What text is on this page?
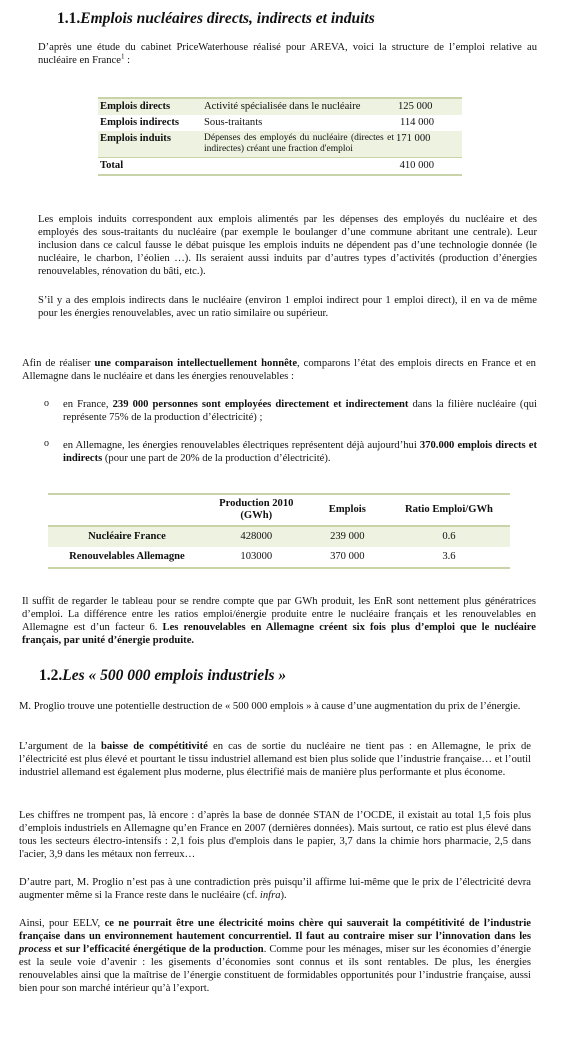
1.1.Emplois nucléaires directs, indirects et induits

D’après une étude du cabinet PriceWaterhouse réalisé pour AREVA, voici la structure de l’emploi relative au nucléaire en France$^1$ :

Emplois directs	Activité spécialisée dans le nucléaire	125 000
Emplois indirects	Sous-traitants	114 000
Emplois induits	Dépenses des employés du nucléaire (directes et indirectes) créant une fraction d'emploi	171 000
Total		410 000

Les emplois induits correspondent aux emplois alimentés par les dépenses des employés du nucléaire et des employés des sous-traitants du nucléaire (par exemple le boulanger d’une commune abritant une centrale). Leur inclusion dans ce calcul fausse le débat puisque les emplois induits ne dépendent pas d’une technologie donnée (le nucléaire, le charbon, l’éolien …). Ils seraient aussi induits par d’autres types d’activités (production d’énergies renouvelables, rénovation du bâti, etc.).

S’il y a des emplois indirects dans le nucléaire (environ 1 emploi indirect pour 1 emploi direct), il en va de même pour les énergies renouvelables, avec un ratio similaire ou supérieur.

Afin de réaliser une comparaison intellectuellement honnête, comparons l’état des emplois directs en France et en Allemagne dans le nucléaire et dans les énergies renouvelables :

o en France, 239 000 personnes sont employées directement et indirectement dans la filière nucléaire (qui représente 75% de la production d’électricité) ;

o en Allemagne, les énergies renouvelables électriques représentent déjà aujourd’hui 370.000 emplois directs et indirects (pour une part de 20% de la production d’électricité).

	Production 2010 (GWh)	Emplois	Ratio Emploi/GWh
Nucléaire France	428000	239 000	0.6
Renouvelables Allemagne	103000	370 000	3.6

Il suffit de regarder le tableau pour se rendre compte que par GWh produit, les EnR sont nettement plus génératrices d’emploi. La différence entre les ratios emploi/énergie produite entre le nucléaire français et les renouvelables en Allemagne est d’un facteur 6. Les renouvelables en Allemagne créent six fois plus d’emploi que le nucléaire français, par unité d’énergie produite.

1.2.Les « 500 000 emplois industriels »

M. Proglio trouve une potentielle destruction de « 500 000 emplois » à cause d’une augmentation du prix de l’énergie.

L’argument de la baisse de compétitivité en cas de sortie du nucléaire ne tient pas : en Allemagne, le prix de l’électricité est plus élevé et pourtant le tissu industriel allemand est bien plus solide que l’industrie française… et l’outil industriel allemand est également plus moderne, plus électrifié mais de manière plus performante et plus économe.

Les chiffres ne trompent pas, là encore : d’après la base de donnée STAN de l’OCDE, il existait au total 1,5 fois plus d’emplois industriels en Allemagne qu’en France en 2007 (dernières données). Mais surtout, ce ratio est plus élevé dans tous les secteurs électro-intensifs : 2,1 fois plus d'emplois dans le papier, 3,7 dans la chimie hors pharmacie, 2,5 dans l'acier, 3,9 dans les métaux non ferreux…

D’autre part, M. Proglio n’est pas à une contradiction près puisqu’il affirme lui-même que le prix de l’électricité devra augmenter même si la France reste dans le nucléaire (cf. infra).

Ainsi, pour EELV, ce ne pourrait être une électricité moins chère qui sauverait la compétitivité de l’industrie française dans un environnement hautement concurrentiel. Il faut au contraire miser sur l’innovation dans les process et sur l’efficacité énergétique de la production. Comme pour les ménages, miser sur les économies d’énergie est la seule voie d’avenir : les gisements d’économies sont connus et ils sont rentables. De plus, les énergies renouvelables ainsi que la maîtrise de l’énergie constituent de formidables opportunités pour l’industrie française, aussi bien pour son marché intérieur qu’à l’export.
